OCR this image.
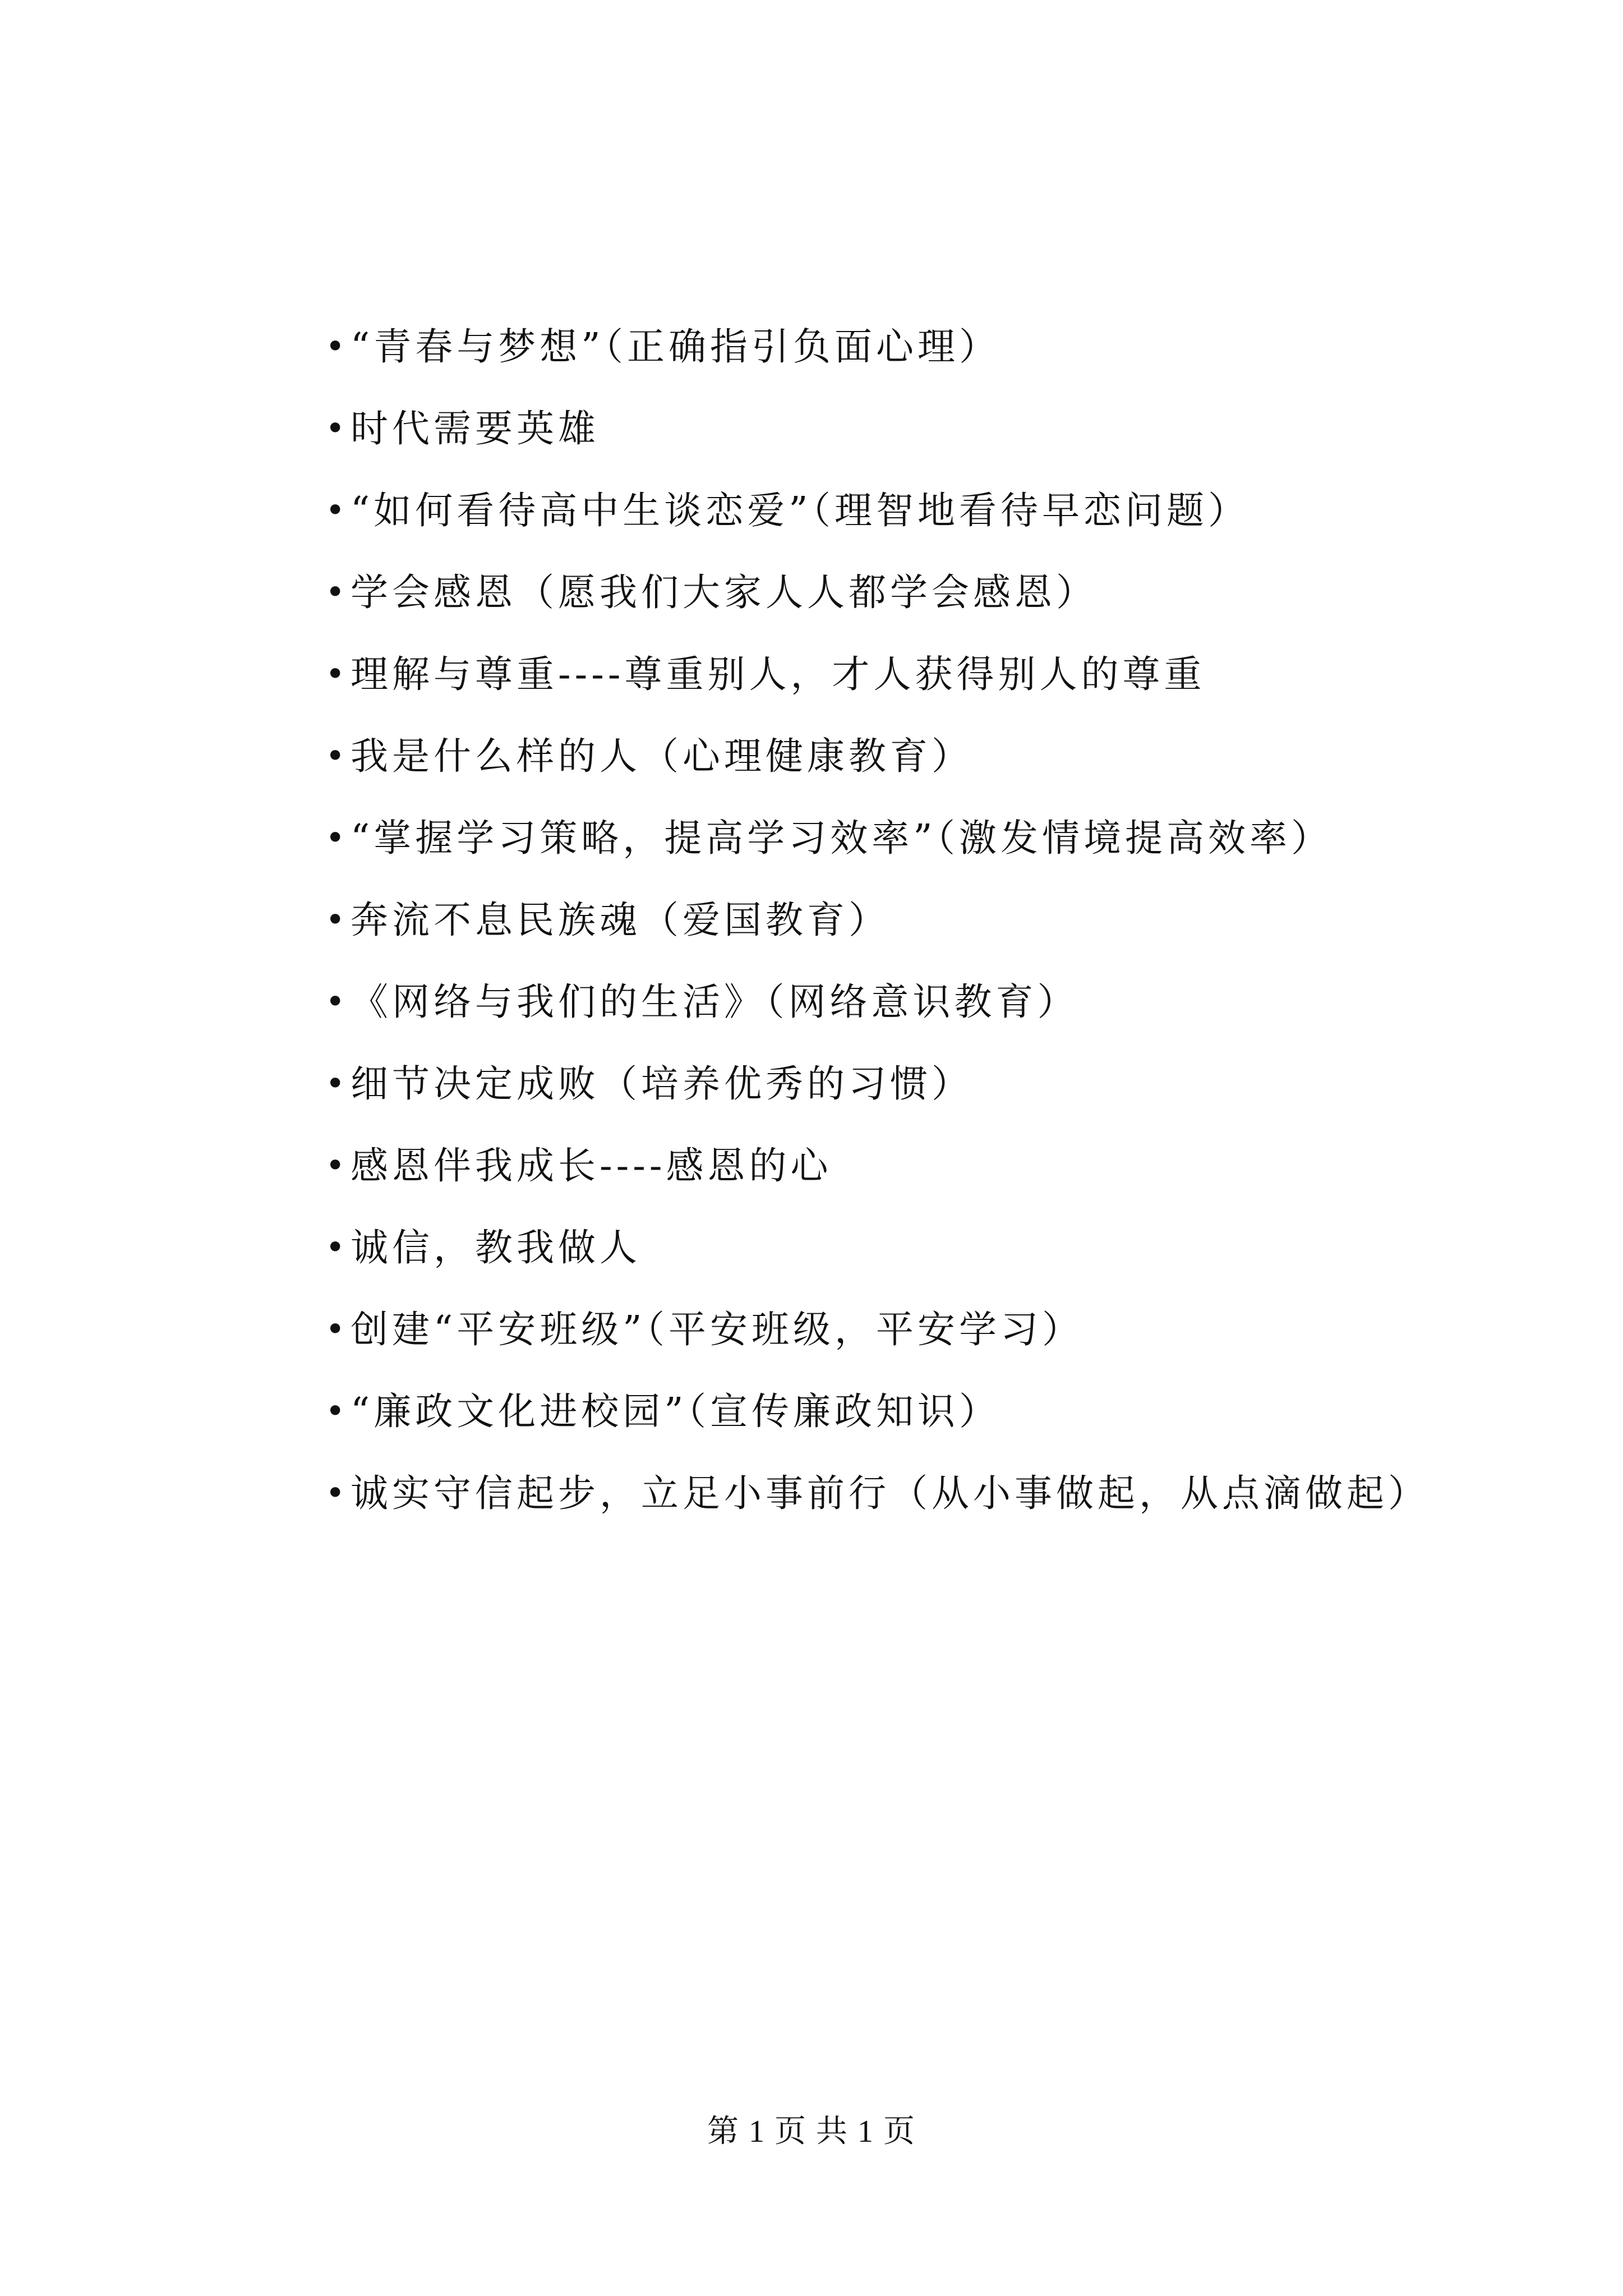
• “青春与梦想”（正确指引负面心理）
• 时代需要英雄
• “如何看待高中生谈恋爱”（理智地看待早恋问题）
• 学会感恩（愿我们大家人人都学会感恩）
• 理解与尊重----尊重别人，才人获得别人的尊重
• 我是什么样的人（心理健康教育）
• “掌握学习策略，提高学习效率”（激发情境提高效率）
• 奔流不息民族魂（爱国教育）
• 《网络与我们的生活》（网络意识教育）
• 细节决定成败（培养优秀的习惯）
• 感恩伴我成长----感恩的心
• 诚信，教我做人
• 创建“平安班级”（平安班级，平安学习）
• “廉政文化进校园”（宣传廉政知识）
• 诚实守信起步，立足小事前行（从小事做起，从点滴做起）
第 1 页 共 1 页
